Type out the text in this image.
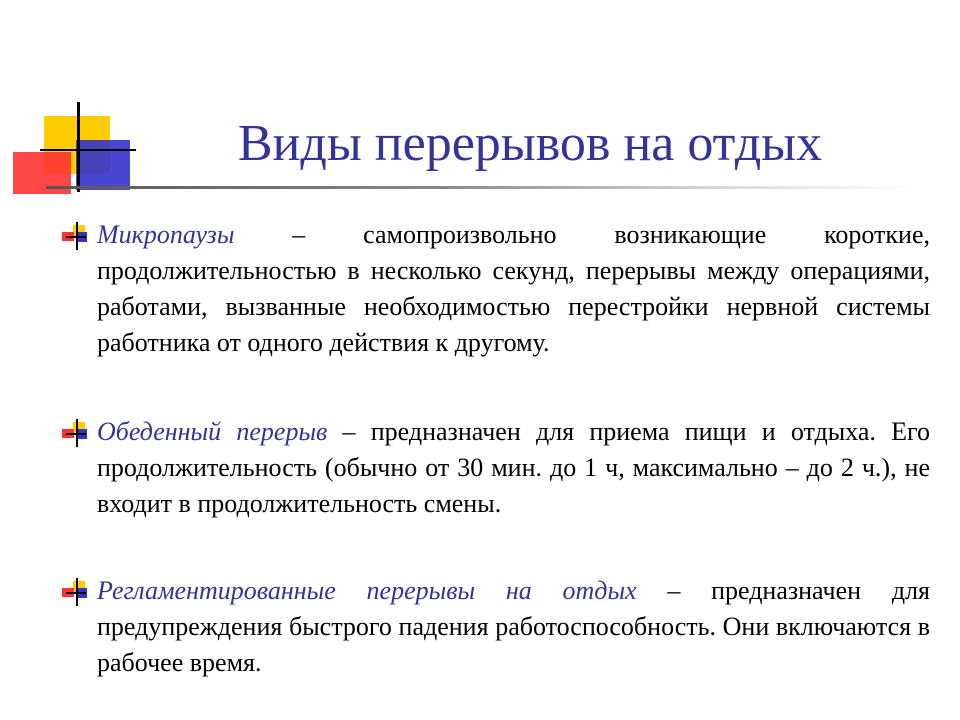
Виды перерывов на отдых
Микропаузы – самопроизвольно возникающие короткие, продолжительностью в несколько секунд, перерывы между операциями, работами, вызванные необходимостью перестройки нервной системы работника от одного действия к другому.
Обеденный перерыв – предназначен для приема пищи и отдыха. Его продолжительность (обычно от 30 мин. до 1 ч, максимально – до 2 ч.), не входит в продолжительность смены.
Регламентированные перерывы на отдых – предназначен для предупреждения быстрого падения работоспособность. Они включаются в рабочее время.
